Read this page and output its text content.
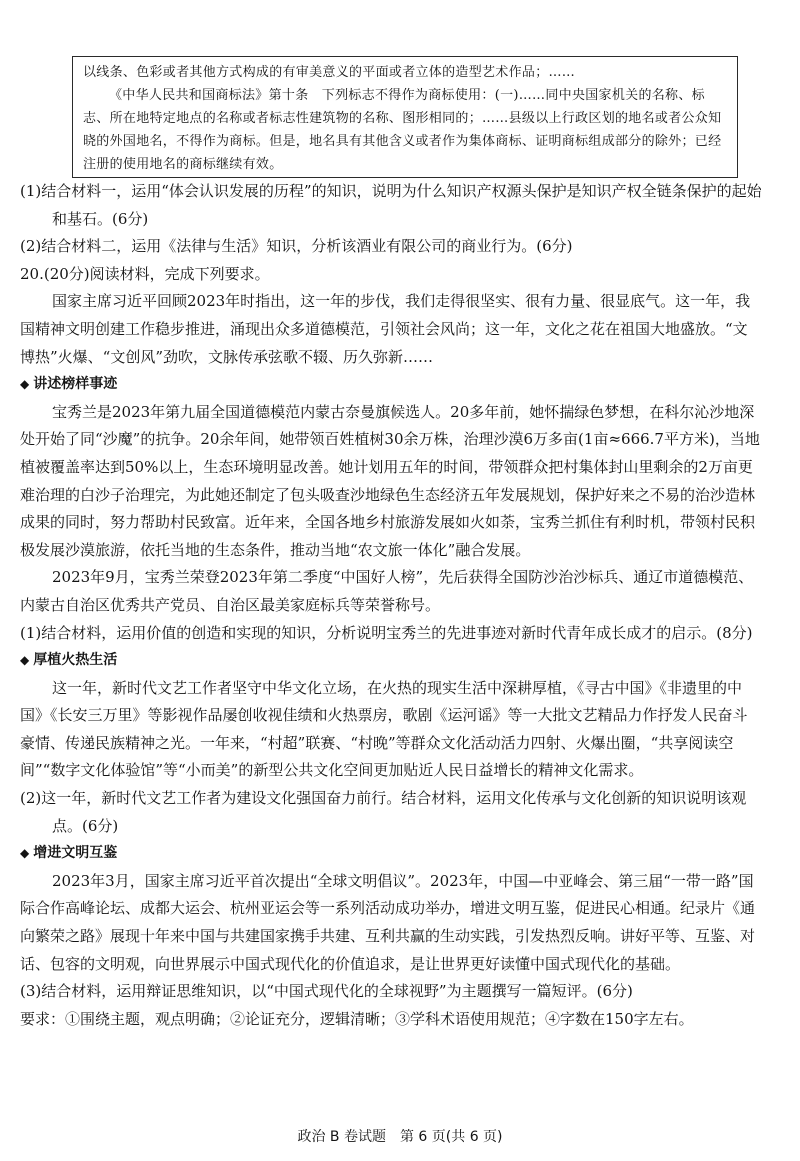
以线条、色彩或者其他方式构成的有审美意义的平面或者立体的造型艺术作品；……

《中华人民共和国商标法》第十条　下列标志不得作为商标使用：(一)……同中央国家机关的名称、标志、所在地特定地点的名称或者标志性建筑物的名称、图形相同的；……县级以上行政区划的地名或者公众知晓的外国地名，不得作为商标。但是，地名具有其他含义或者作为集体商标、证明商标组成部分的除外；已经注册的使用地名的商标继续有效。

(1)结合材料一，运用“体会认识发展的历程”的知识，说明为什么知识产权源头保护是知识产权全链条保护的起始和基石。(6分)

(2)结合材料二，运用《法律与生活》知识，分析该酒业有限公司的商业行为。(6分)

20.(20分)阅读材料，完成下列要求。

国家主席习近平回顾2023年时指出，这一年的步伐，我们走得很坚实、很有力量、很显底气。这一年，我国精神文明创建工作稳步推进，涌现出众多道德模范，引领社会风尚；这一年，文化之花在祖国大地盛放。“文博热”火爆、“文创风”劲吹，文脉传承弦歌不辍、历久弥新……

◆ 讲述榜样事迹

宝秀兰是2023年第九届全国道德模范内蒙古奈曼旗候选人。20多年前，她怀揣绿色梦想，在科尔沁沙地深处开始了同“沙魔”的抗争。20余年间，她带领百姓植树30余万株，治理沙漠6万多亩(1亩≈666.7平方米)，当地植被覆盖率达到50%以上，生态环境明显改善。她计划用五年的时间，带领群众把村集体封山里剩余的2万亩更难治理的白沙子治理完，为此她还制定了包头吸查沙地绿色生态经济五年发展规划，保护好来之不易的治沙造林成果的同时，努力帮助村民致富。近年来，全国各地乡村旅游发展如火如荼，宝秀兰抓住有利时机，带领村民积极发展沙漠旅游，依托当地的生态条件，推动当地“农文旅一体化”融合发展。

2023年9月，宝秀兰荣登2023年第二季度“中国好人榜”，先后获得全国防沙治沙标兵、通辽市道德模范、内蒙古自治区优秀共产党员、自治区最美家庭标兵等荣誉称号。

(1)结合材料，运用价值的创造和实现的知识，分析说明宝秀兰的先进事迹对新时代青年成长成才的启示。(8分)

◆ 厚植火热生活

这一年，新时代文艺工作者坚守中华文化立场，在火热的现实生活中深耕厚植，《寻古中国》《非遗里的中国》《长安三万里》等影视作品屡创收视佳绩和火热票房，歌剧《运河谣》等一大批文艺精品力作抒发人民奋斗豪情、传递民族精神之光。一年来，“村超”联赛、“村晚”等群众文化活动活力四射、火爆出圈，“共享阅读空间”“数字文化体验馆”等“小而美”的新型公共文化空间更加贴近人民日益增长的精神文化需求。

(2)这一年，新时代文艺工作者为建设文化强国奋力前行。结合材料，运用文化传承与文化创新的知识说明该观点。(6分)

◆ 增进文明互鉴

2023年3月，国家主席习近平首次提出“全球文明倡议”。2023年，中国—中亚峰会、第三届“一带一路”国际合作高峰论坛、成都大运会、杭州亚运会等一系列活动成功举办，增进文明互鉴，促进民心相通。纪录片《通向繁荣之路》展现十年来中国与共建国家携手共建、互利共赢的生动实践，引发热烈反响。讲好平等、互鉴、对话、包容的文明观，向世界展示中国式现代化的价值追求，是让世界更好读懂中国式现代化的基础。

(3)结合材料，运用辩证思维知识，以“中国式现代化的全球视野”为主题撰写一篇短评。(6分)

要求：①围绕主题，观点明确；②论证充分，逻辑清晰；③学科术语使用规范；④字数在150字左右。

政治 B 卷试题　第 6 页(共 6 页)
